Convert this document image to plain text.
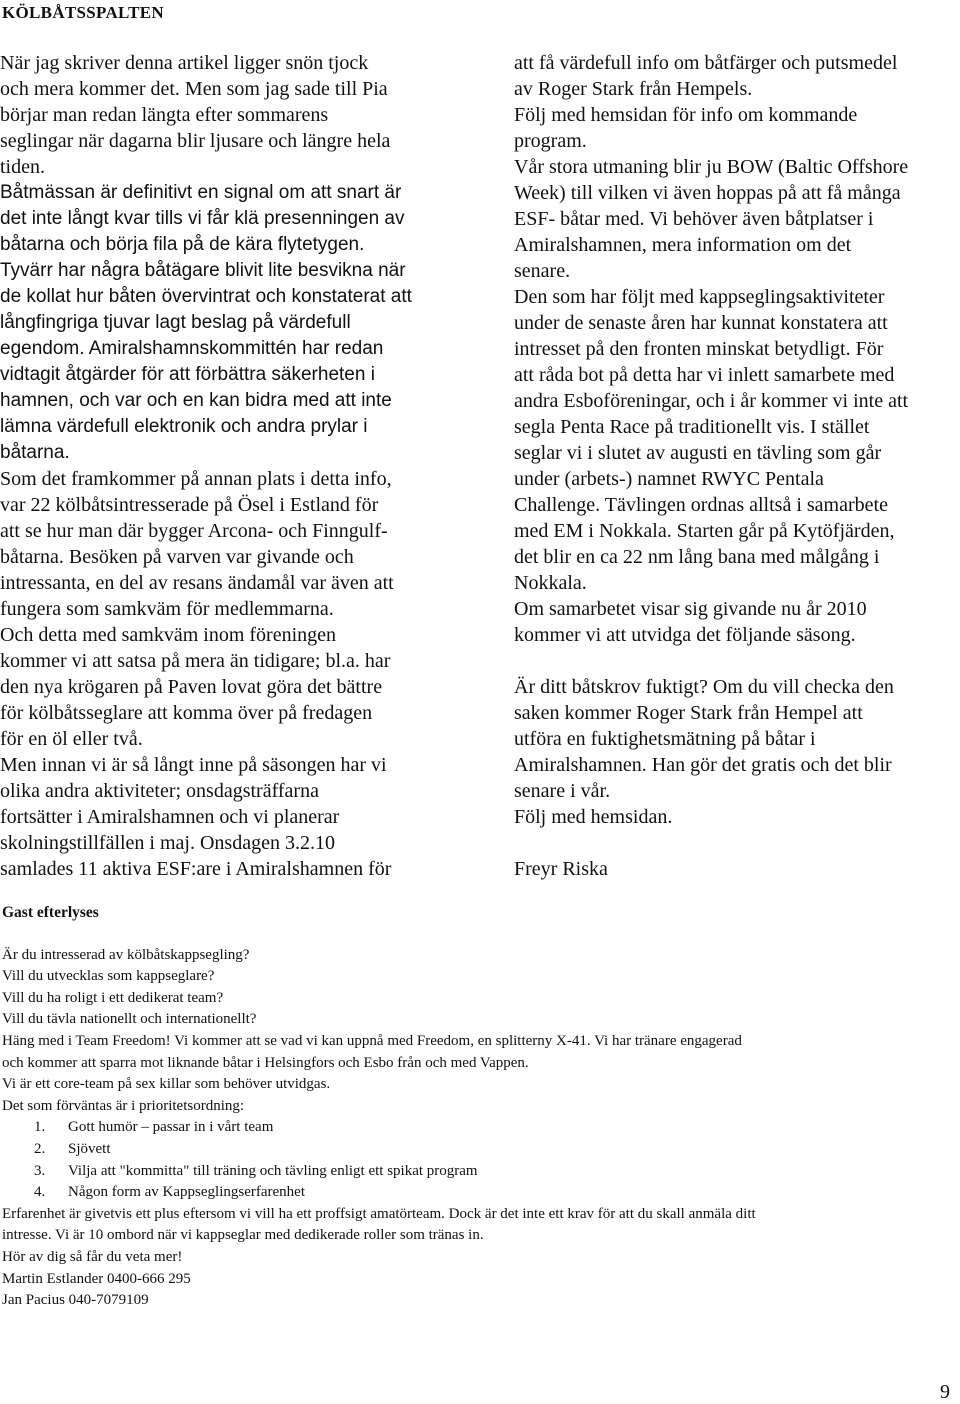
KÖLBÅTSSPALTEN

När jag skriver denna artikel ligger snön tjock

och mera kommer det. Men som jag sade till Pia

börjar man redan längta efter sommarens

seglingar när dagarna blir ljusare och längre hela

tiden.

Båtmässan är definitivt en signal om att snart är

det inte långt kvar tills vi får klä presenningen av

båtarna och börja fila på de kära flytetygen.

Tyvärr har några båtägare blivit lite besvikna när

de kollat hur båten övervintrat och konstaterat att

långfingriga tjuvar lagt beslag på värdefull

egendom. Amiralshamnskommittén har redan

vidtagit åtgärder för att förbättra säkerheten i

hamnen, och var och en kan bidra med att inte

lämna värdefull elektronik och andra prylar i

båtarna.

Som det framkommer på annan plats i detta info,

var 22 kölbåtsintresserade på Ösel i Estland för

att se hur man där bygger Arcona- och Finngulf-

båtarna. Besöken på varven var givande och

intressanta, en del av resans ändamål var även att

fungera som samkväm för medlemmarna.

Och detta med samkväm inom föreningen

kommer vi att satsa på mera än tidigare; bl.a. har

den nya krögaren på Paven lovat göra det bättre

för kölbåtsseglare att komma över på fredagen

för en öl eller två.

Men innan vi är så långt inne på säsongen har vi

olika andra aktiviteter; onsdagsträffarna

fortsätter i Amiralshamnen och vi planerar

skolningstillfällen i maj. Onsdagen 3.2.10

samlades 11 aktiva ESF:are i Amiralshamnen för

att få värdefull info om båtfärger och putsmedel

av Roger Stark från Hempels.

Följ med hemsidan för info om kommande

program.

Vår stora utmaning blir ju BOW (Baltic Offshore

Week) till vilken vi även hoppas på att få många

ESF- båtar med. Vi behöver även båtplatser i

Amiralshamnen, mera information om det

senare.

Den som har följt med kappseglingsaktiviteter

under de senaste åren har kunnat konstatera att

intresset på den fronten minskat betydligt. För

att råda bot på detta har vi inlett samarbete med

andra Esboföreningar, och i år kommer vi inte att

segla Penta Race på traditionellt vis. I stället

seglar vi i slutet av augusti en tävling som går

under (arbets-) namnet RWYC Pentala

Challenge. Tävlingen ordnas alltså i samarbete

med EM i Nokkala. Starten går på Kytöfjärden,

det blir en ca 22 nm lång bana med målgång i

Nokkala.

Om samarbetet visar sig givande nu år 2010

kommer vi att utvidga det följande säsong.

Är ditt båtskrov fuktigt? Om du vill checka den

saken kommer Roger Stark från Hempel att

utföra en fuktighetsmätning på båtar i

Amiralshamnen. Han gör det gratis och det blir

senare i vår.

Följ med hemsidan.

Freyr Riska

Gast efterlyses

Är du intresserad av kölbåtskappsegling?

Vill du utvecklas som kappseglare?

Vill du ha roligt i ett dedikerat team?

Vill du tävla nationellt och internationellt?

Häng med i Team Freedom! Vi kommer att se vad vi kan uppnå med Freedom, en splitterny X-41. Vi har tränare engagerad

och kommer att sparra mot liknande båtar i Helsingfors och Esbo från och med Vappen.

Vi är ett core-team på sex killar som behöver utvidgas.

Det som förväntas är i prioritetsordning:

1.	Gott humör – passar in i vårt team
2.	Sjövett
3.	Vilja att "kommitta" till träning och tävling enligt ett spikat program
4.	Någon form av Kappseglingserfarenhet

Erfarenhet är givetvis ett plus eftersom vi vill ha ett proffsigt amatörteam. Dock är det inte ett krav för att du skall anmäla ditt

intresse. Vi är 10 ombord när vi kappseglar med dedikerade roller som tränas in.

Hör av dig så får du veta mer!

Martin Estlander 0400-666 295

Jan Pacius 040-7079109

9
